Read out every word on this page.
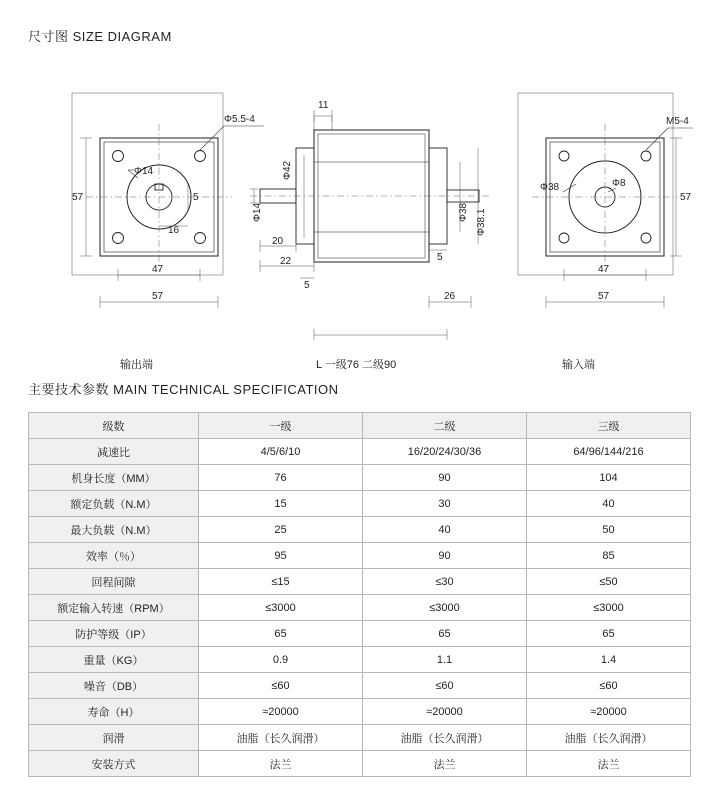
尺寸图 SIZE DIAGRAM
Φ5.5-4
Φ14
5
16
57
47
57
11
Φ42
Φ14
20
22
5
Φ38 Φ38.1
5
26
M5-4
Φ38	Φ8
57
47
57
输出端	L 一级76 二级90	输入端
主要技术参数 MAIN TECHNICAL SPECIFICATION
级数	一级	二级	三级
减速比	4/5/6/10	16/20/24/30/36	64/96/144/216
机身长度（MM）	76	90	104
额定负载（N.M）	15	30	40
最大负载（N.M）	25	40	50
效率（％）	95	90	85
回程间隙	≤15	≤30	≤50
额定输入转速（RPM）	≤3000	≤3000	≤3000
防护等级（IP）	65	65	65
重量（KG）	0.9	1.1	1.4
噪音（DB）	≤60	≤60	≤60
寿命（H）	≈20000	≈20000	≈20000
润滑	油脂（长久润滑）	油脂（长久润滑）	油脂（长久润滑）
安装方式	法兰	法兰	法兰
